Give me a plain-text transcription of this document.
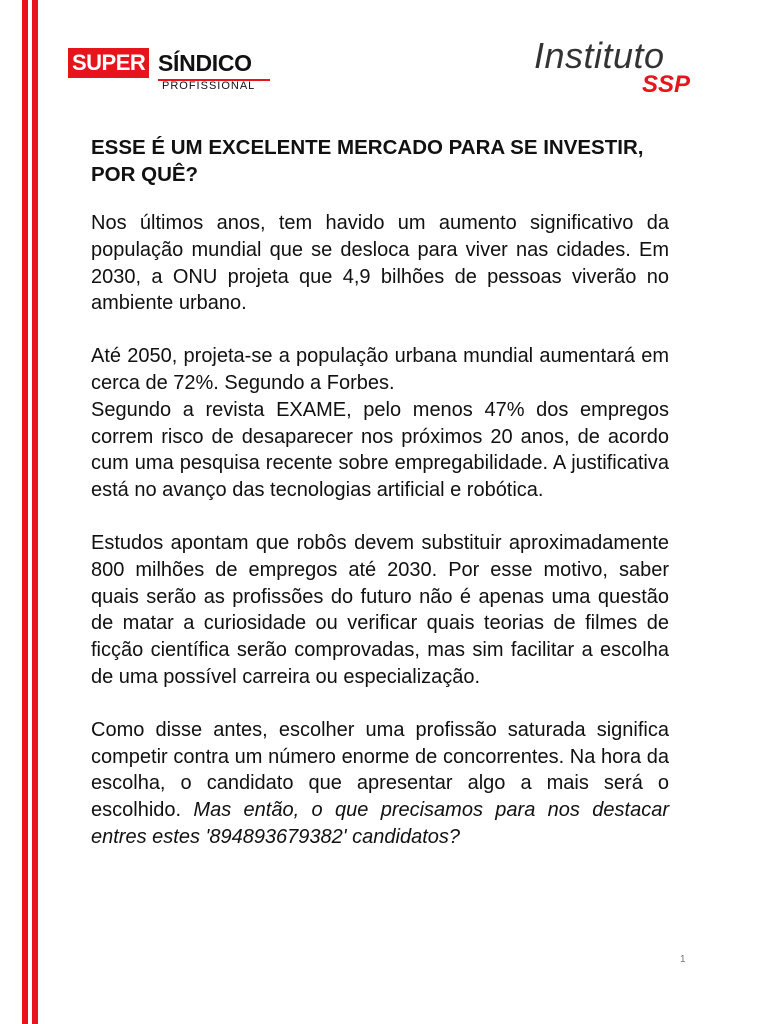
SUPER SÍNDICO
PROFISSIONAL
Instituto
SSP
ESSE É UM EXCELENTE MERCADO PARA SE INVESTIR, POR QUÊ?

Nos últimos anos, tem havido um aumento significativo da população mundial que se desloca para viver nas cidades. Em 2030, a ONU projeta que 4,9 bilhões de pessoas viverão no ambiente urbano.

Até 2050, projeta-se a população urbana mundial aumentará em cerca de 72%. Segundo a Forbes.

Segundo a revista EXAME, pelo menos 47% dos empregos correm risco de desaparecer nos próximos 20 anos, de acordo cum uma pesquisa recente sobre empregabilidade. A justificativa está no avanço das tecnologias artificial e robótica.

Estudos apontam que robôs devem substituir aproximadamente 800 milhões de empregos até 2030. Por esse motivo, saber quais serão as profissões do futuro não é apenas uma questão de matar a curiosidade ou verificar quais teorias de filmes de ficção científica serão comprovadas, mas sim facilitar a escolha de uma possível carreira ou especialização.

Como disse antes, escolher uma profissão saturada significa competir contra um número enorme de concorrentes. Na hora da escolha, o candidato que apresentar algo a mais será o escolhido. Mas então, o que precisamos para nos destacar entres estes '894893679382' candidatos?

1
